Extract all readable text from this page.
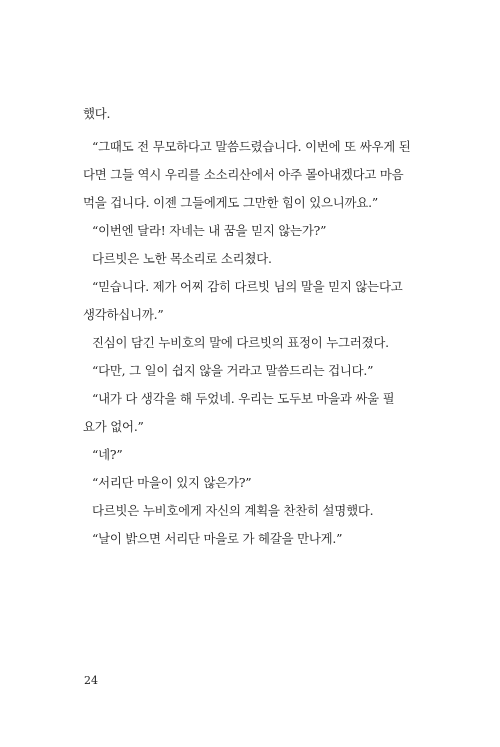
했다.
“그때도 전 무모하다고 말씀드렸습니다. 이번에 또 싸우게 된
다면 그들 역시 우리를 소소리산에서 아주 몰아내겠다고 마음
먹을 겁니다. 이젠 그들에게도 그만한 힘이 있으니까요.”
“이번엔 달라! 자네는 내 꿈을 믿지 않는가?”
다르빗은 노한 목소리로 소리쳤다.
“믿습니다. 제가 어찌 감히 다르빗 님의 말을 믿지 않는다고
생각하십니까.”
진심이 담긴 누비호의 말에 다르빗의 표정이 누그러졌다.
“다만, 그 일이 쉽지 않을 거라고 말씀드리는 겁니다.”
“내가 다 생각을 해 두었네. 우리는 도두보 마을과 싸울 필
요가 없어.”
“네?”
“서리단 마을이 있지 않은가?”
다르빗은 누비호에게 자신의 계획을 찬찬히 설명했다.
“날이 밝으면 서리단 마을로 가 헤갈을 만나게.”
24
